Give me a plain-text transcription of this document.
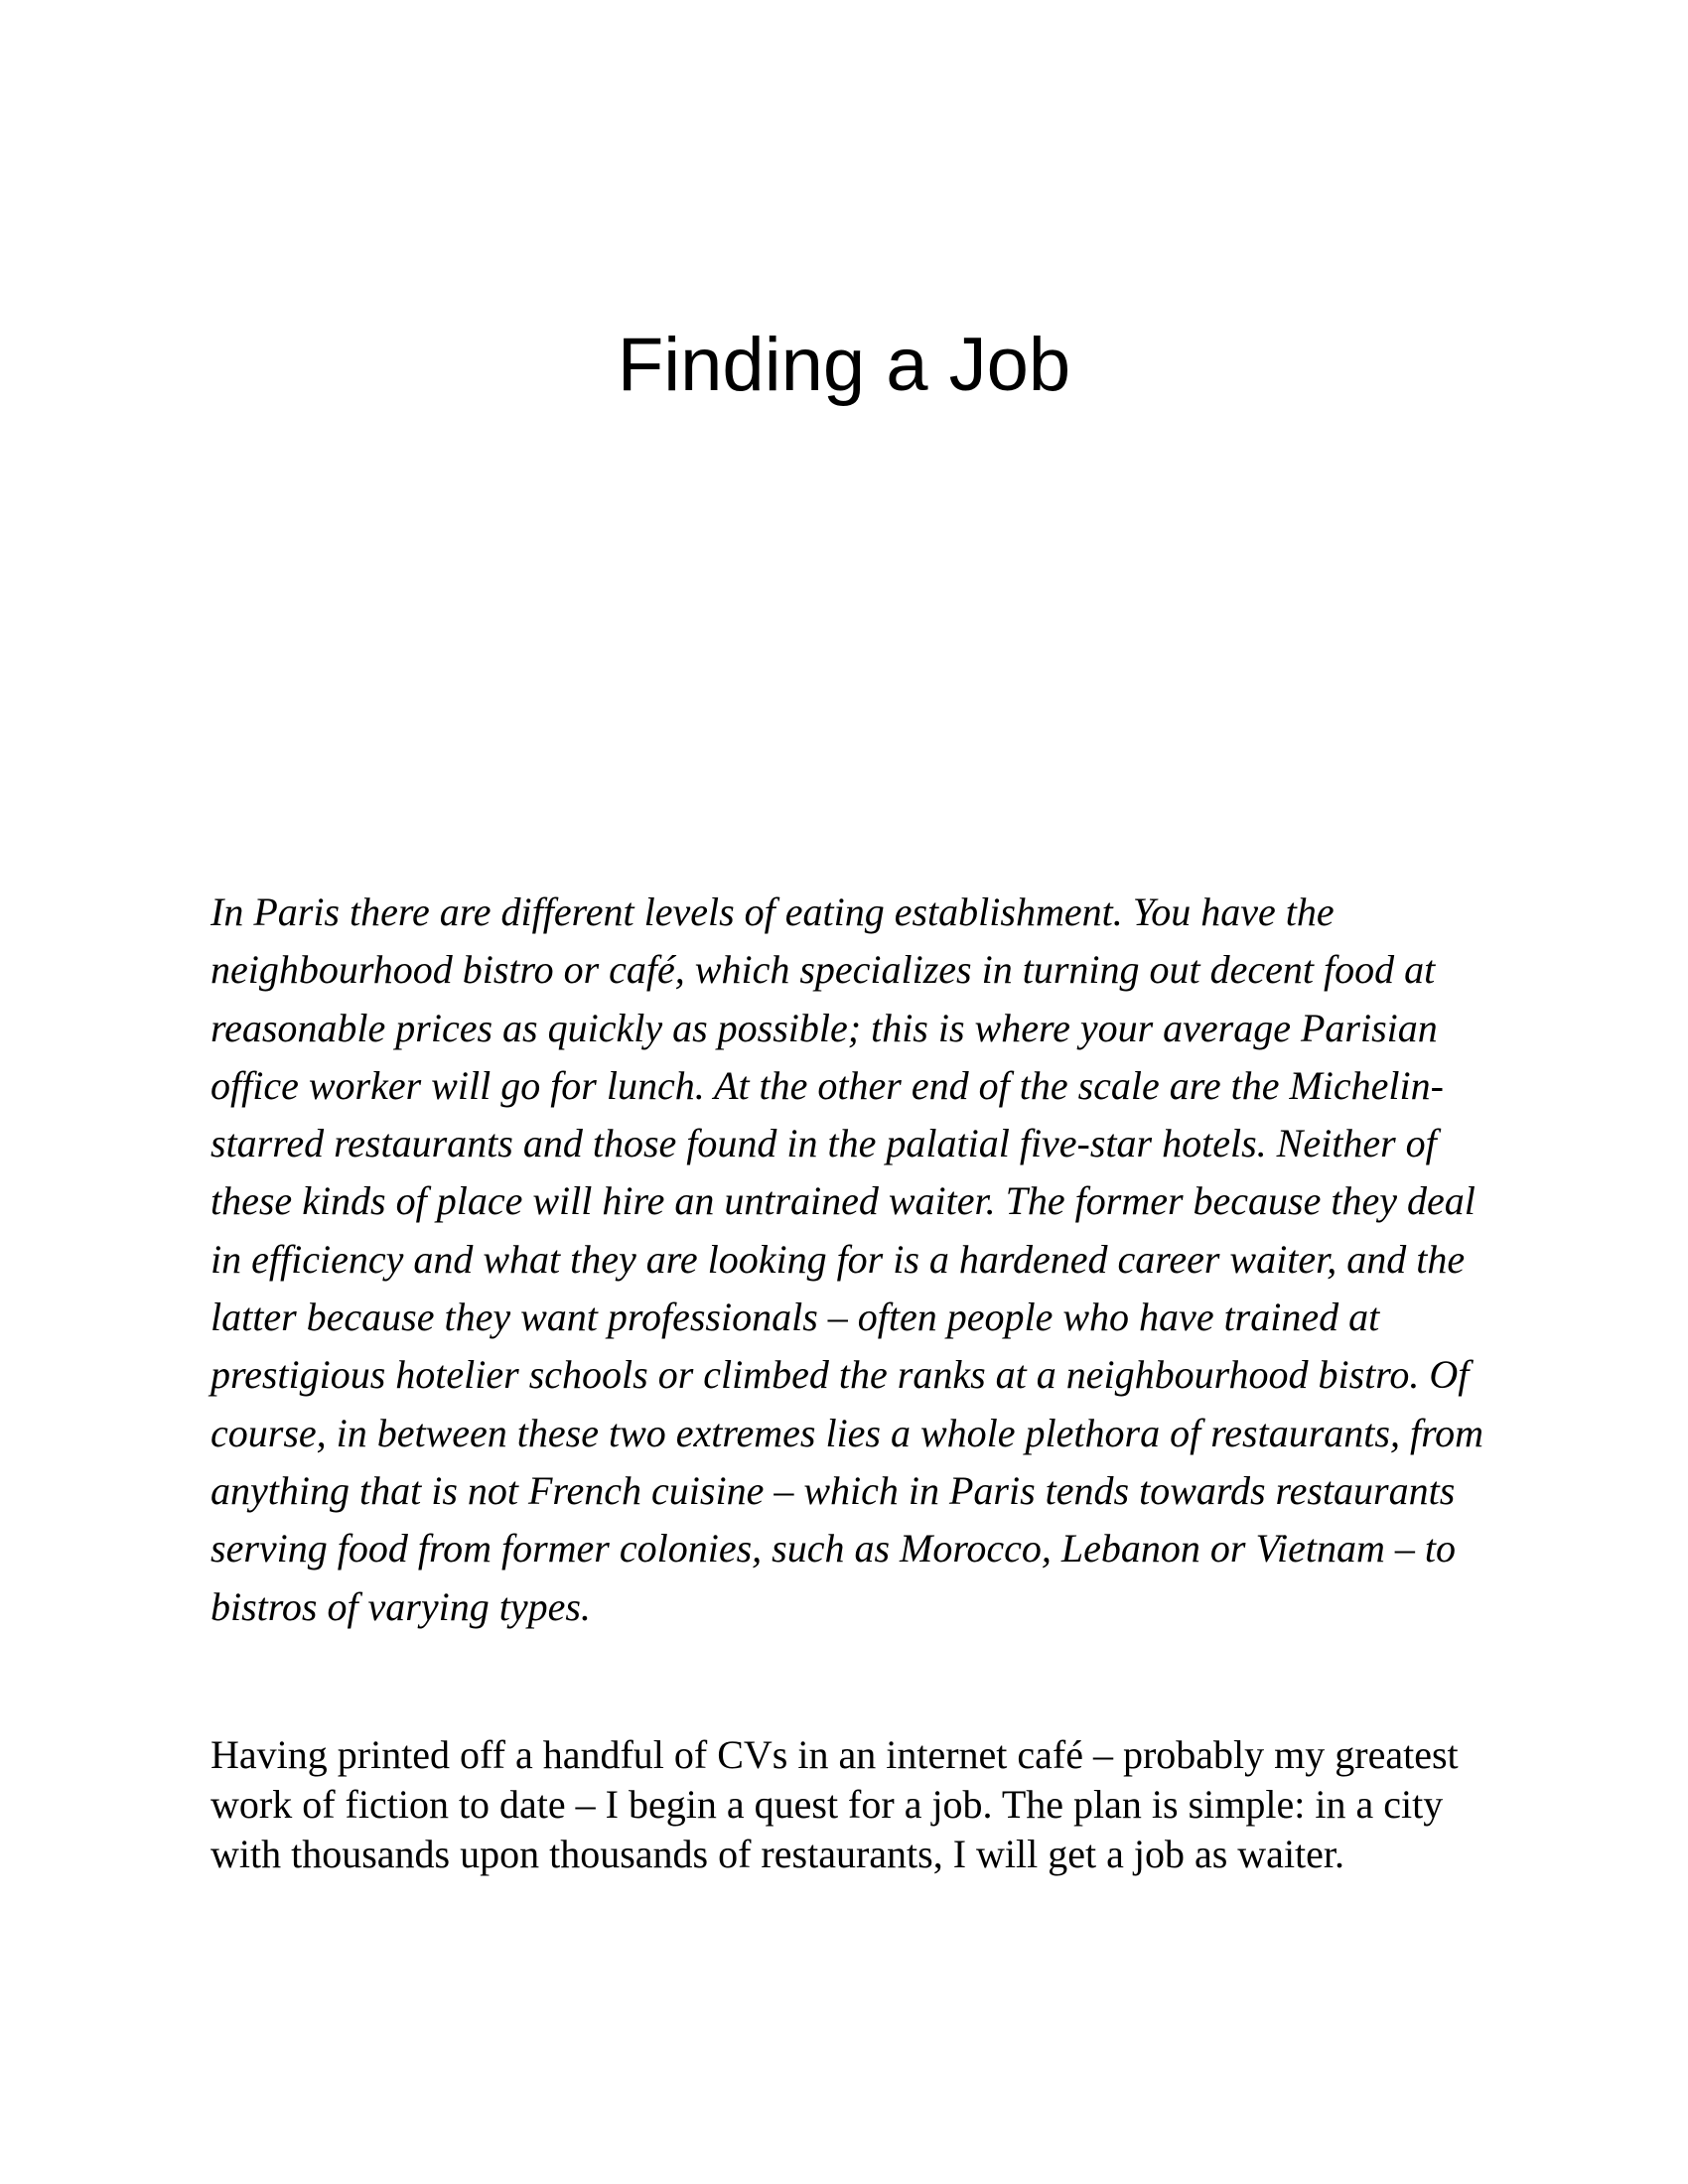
Finding a Job

In Paris there are different levels of eating establishment. You have the neighbourhood bistro or café, which specializes in turning out decent food at reasonable prices as quickly as possible; this is where your average Parisian office worker will go for lunch. At the other end of the scale are the Michelin-starred restaurants and those found in the palatial five-star hotels. Neither of these kinds of place will hire an untrained waiter. The former because they deal in efficiency and what they are looking for is a hardened career waiter, and the latter because they want professionals – often people who have trained at prestigious hotelier schools or climbed the ranks at a neighbourhood bistro. Of course, in between these two extremes lies a whole plethora of restaurants, from anything that is not French cuisine – which in Paris tends towards restaurants serving food from former colonies, such as Morocco, Lebanon or Vietnam – to bistros of varying types.

Having printed off a handful of CVs in an internet café – probably my greatest work of fiction to date – I begin a quest for a job. The plan is simple: in a city with thousands upon thousands of restaurants, I will get a job as waiter.
